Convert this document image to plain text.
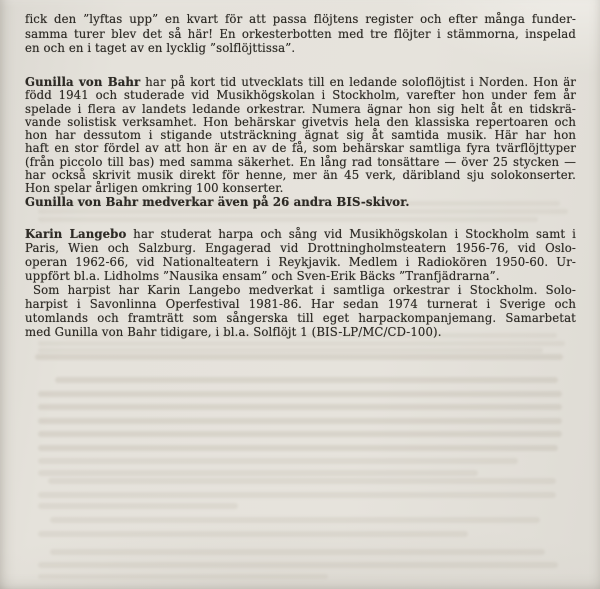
fick den ”lyftas upp” en kvart för att passa flöjtens register och efter många funder-
samma turer blev det så här! En orkesterbotten med tre flöjter i stämmorna, inspelad
en och en i taget av en lycklig ”solflöjttissa”.
Gunilla von Bahr har på kort tid utvecklats till en ledande soloflöjtist i Norden. Hon är
född 1941 och studerade vid Musikhögskolan i Stockholm, varefter hon under fem år
spelade i flera av landets ledande orkestrar. Numera ägnar hon sig helt åt en tidskrä-
vande solistisk verksamhet. Hon behärskar givetvis hela den klassiska repertoaren och
hon har dessutom i stigande utsträckning ägnat sig åt samtida musik. Här har hon
haft en stor fördel av att hon är en av de få, som behärskar samtliga fyra tvärflöjttyper
(från piccolo till bas) med samma säkerhet. En lång rad tonsättare — över 25 stycken —
har också skrivit musik direkt för henne, mer än 45 verk, däribland sju solokonserter.
Hon spelar årligen omkring 100 konserter.
Gunilla von Bahr medverkar även på 26 andra BIS-skivor.
Karin Langebo har studerat harpa och sång vid Musikhögskolan i Stockholm samt i
Paris, Wien och Salzburg. Engagerad vid Drottningholmsteatern 1956-76, vid Oslo-
operan 1962-66, vid Nationalteatern i Reykjavik. Medlem i Radiokören 1950-60. Ur-
uppfört bl.a. Lidholms ”Nausika ensam” och Sven-Erik Bäcks ”Tranfjädrarna”.
Som harpist har Karin Langebo medverkat i samtliga orkestrar i Stockholm. Solo-
harpist i Savonlinna Operfestival 1981-86. Har sedan 1974 turnerat i Sverige och
utomlands och framträtt som sångerska till eget harpackompanjemang. Samarbetat
med Gunilla von Bahr tidigare, i bl.a. Solflöjt 1 (BIS-LP/MC/CD-100).
